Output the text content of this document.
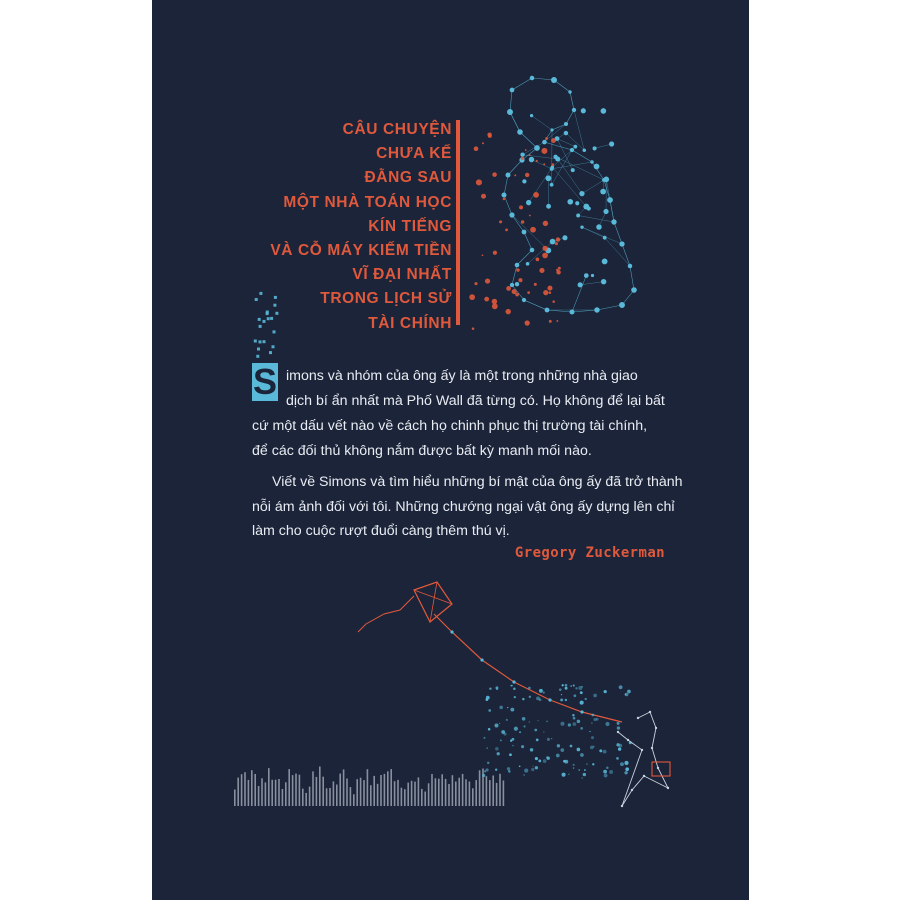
CÂU CHUYỆN
CHƯA KỂ
ĐẰNG SAU
MỘT NHÀ TOÁN HỌC
KÍN TIẾNG
VÀ CỖ MÁY KIẾM TIỀN
VĨ ĐẠI NHẤT
TRONG LỊCH SỬ
TÀI CHÍNH
S imons và nhóm của ông ấy là một trong những nhà giao
dịch bí ẩn nhất mà Phố Wall đã từng có. Họ không để lại bất
cứ một dấu vết nào về cách họ chinh phục thị trường tài chính,
để các đối thủ không nắm được bất kỳ manh mối nào.
Viết về Simons và tìm hiểu những bí mật của ông ấy đã trở thành
nỗi ám ảnh đối với tôi. Những chướng ngại vật ông ấy dựng lên chỉ
làm cho cuộc rượt đuổi càng thêm thú vị.
Gregory Zuckerman
